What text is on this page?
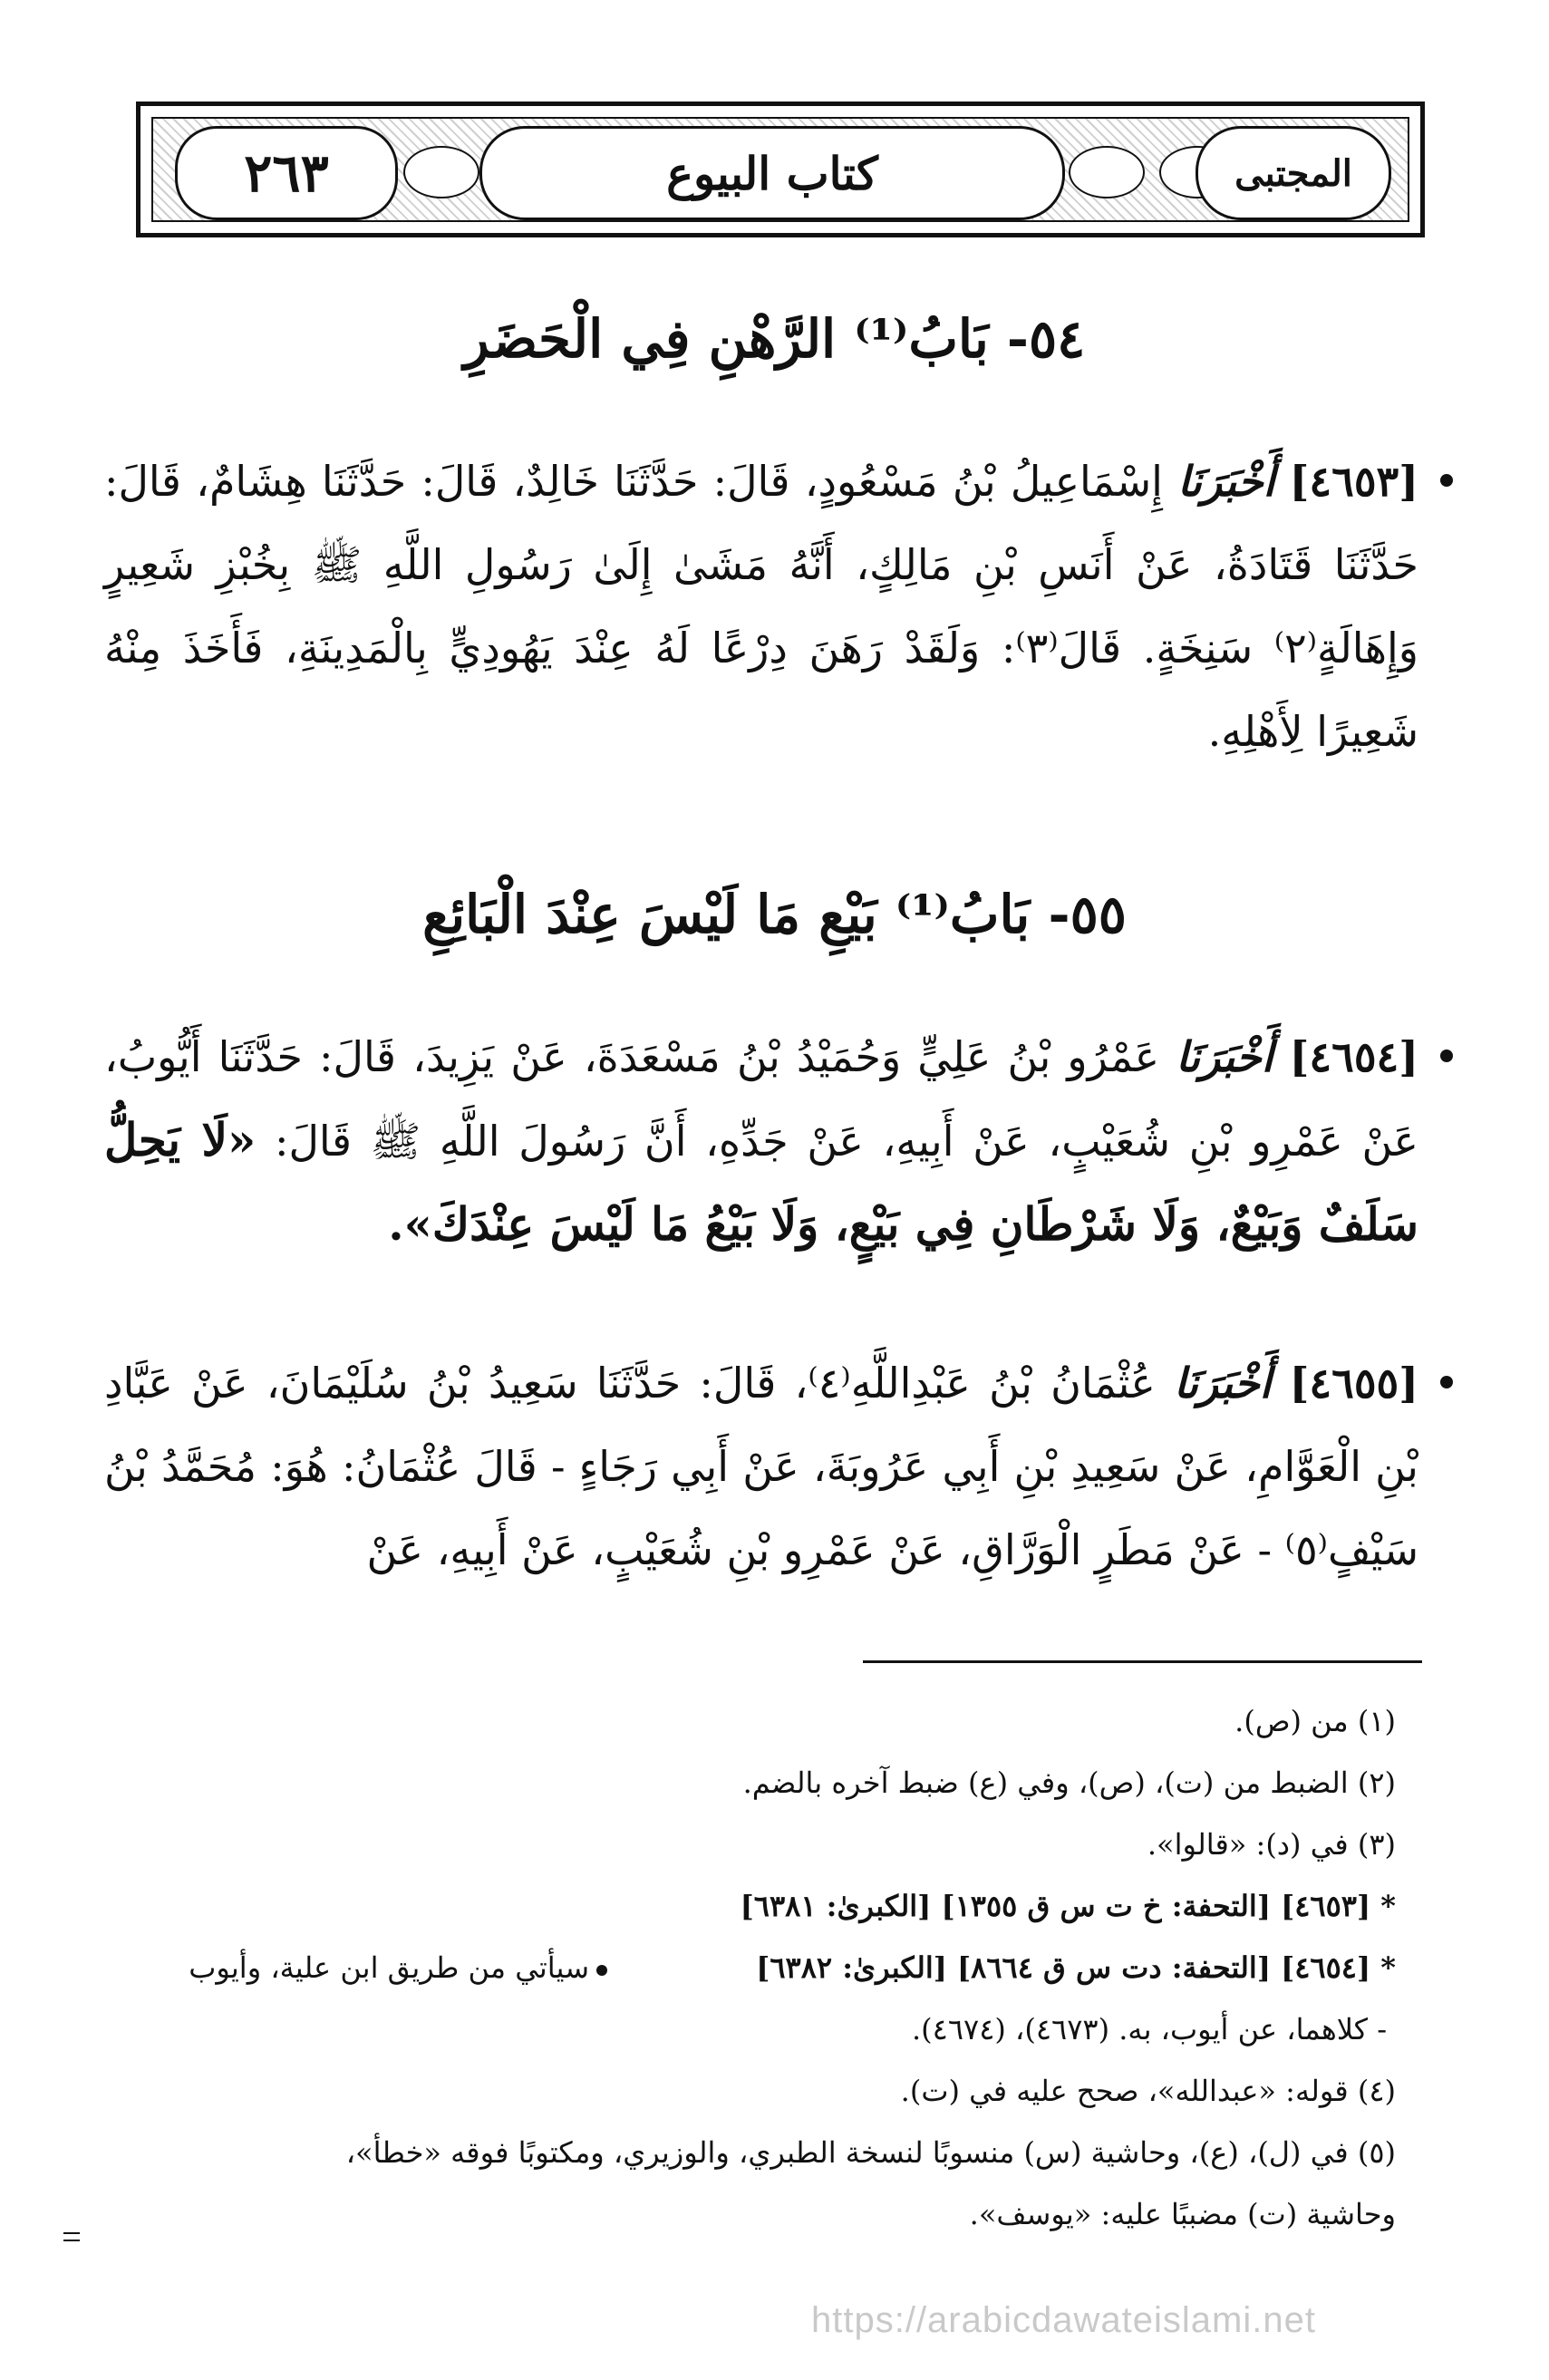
٢٦٣	كتاب البيوع	المجتبى
٥٤- بَابُ⁽¹⁾ الرَّهْنِ فِي الْحَضَرِ
[٤٦٥٣] أَخْبَرَنَا إِسْمَاعِيلُ بْنُ مَسْعُودٍ، قَالَ: حَدَّثَنَا خَالِدٌ، قَالَ: حَدَّثَنَا هِشَامٌ، قَالَ: حَدَّثَنَا قَتَادَةُ، عَنْ أَنَسِ بْنِ مَالِكٍ، أَنَّهُ مَشَىٰ إِلَىٰ رَسُولِ اللَّهِ ﷺ بِخُبْزِ شَعِيرٍ وَإِهَالَةٍ⁽٢⁾ سَنِخَةٍ. قَالَ⁽٣⁾: وَلَقَدْ رَهَنَ دِرْعًا لَهُ عِنْدَ يَهُودِيٍّ بِالْمَدِينَةِ، فَأَخَذَ مِنْهُ شَعِيرًا لِأَهْلِهِ.
٥٥- بَابُ⁽¹⁾ بَيْعِ مَا لَيْسَ عِنْدَ الْبَائِعِ
[٤٦٥٤] أَخْبَرَنَا عَمْرُو بْنُ عَلِيٍّ وَحُمَيْدُ بْنُ مَسْعَدَةَ، عَنْ يَزِيدَ، قَالَ: حَدَّثَنَا أَيُّوبُ، عَنْ عَمْرِو بْنِ شُعَيْبٍ، عَنْ أَبِيهِ، عَنْ جَدِّهِ، أَنَّ رَسُولَ اللَّهِ ﷺ قَالَ: «لَا يَحِلُّ سَلَفٌ وَبَيْعٌ، وَلَا شَرْطَانِ فِي بَيْعٍ، وَلَا بَيْعُ مَا لَيْسَ عِنْدَكَ».
[٤٦٥٥] أَخْبَرَنَا عُثْمَانُ بْنُ عَبْدِاللَّهِ⁽٤⁾، قَالَ: حَدَّثَنَا سَعِيدُ بْنُ سُلَيْمَانَ، عَنْ عَبَّادِ بْنِ الْعَوَّامِ، عَنْ سَعِيدِ بْنِ أَبِي عَرُوبَةَ، عَنْ أَبِي رَجَاءٍ - قَالَ عُثْمَانُ: هُوَ: مُحَمَّدُ بْنُ سَيْفٍ⁽٥⁾ - عَنْ مَطَرٍ الْوَرَّاقِ، عَنْ عَمْرِو بْنِ شُعَيْبٍ، عَنْ أَبِيهِ، عَنْ
(١) من (ص).
(٢) الضبط من (ت)، (ص)، وفي (ع) ضبط آخره بالضم.
(٣) في (د): «قالوا».
* [٤٦٥٣] [التحفة: خ ت س ق ١٣٥٥] [الكبرىٰ: ٦٣٨١]
* [٤٦٥٤] [التحفة: دت س ق ٨٦٦٤] [الكبرىٰ: ٦٣٨٢]
سيأتي من طريق ابن علية، وأيوب
- كلاهما، عن أيوب، به. (٤٦٧٣)، (٤٦٧٤).
(٤) قوله: «عبدالله»، صحح عليه في (ت).
(٥) في (ل)، (ع)، وحاشية (س) منسوبًا لنسخة الطبري، والوزيري، ومكتوبًا فوقه «خطأ»،
وحاشية (ت) مضببًا عليه: «يوسف».
https://arabicdawateislami.net
